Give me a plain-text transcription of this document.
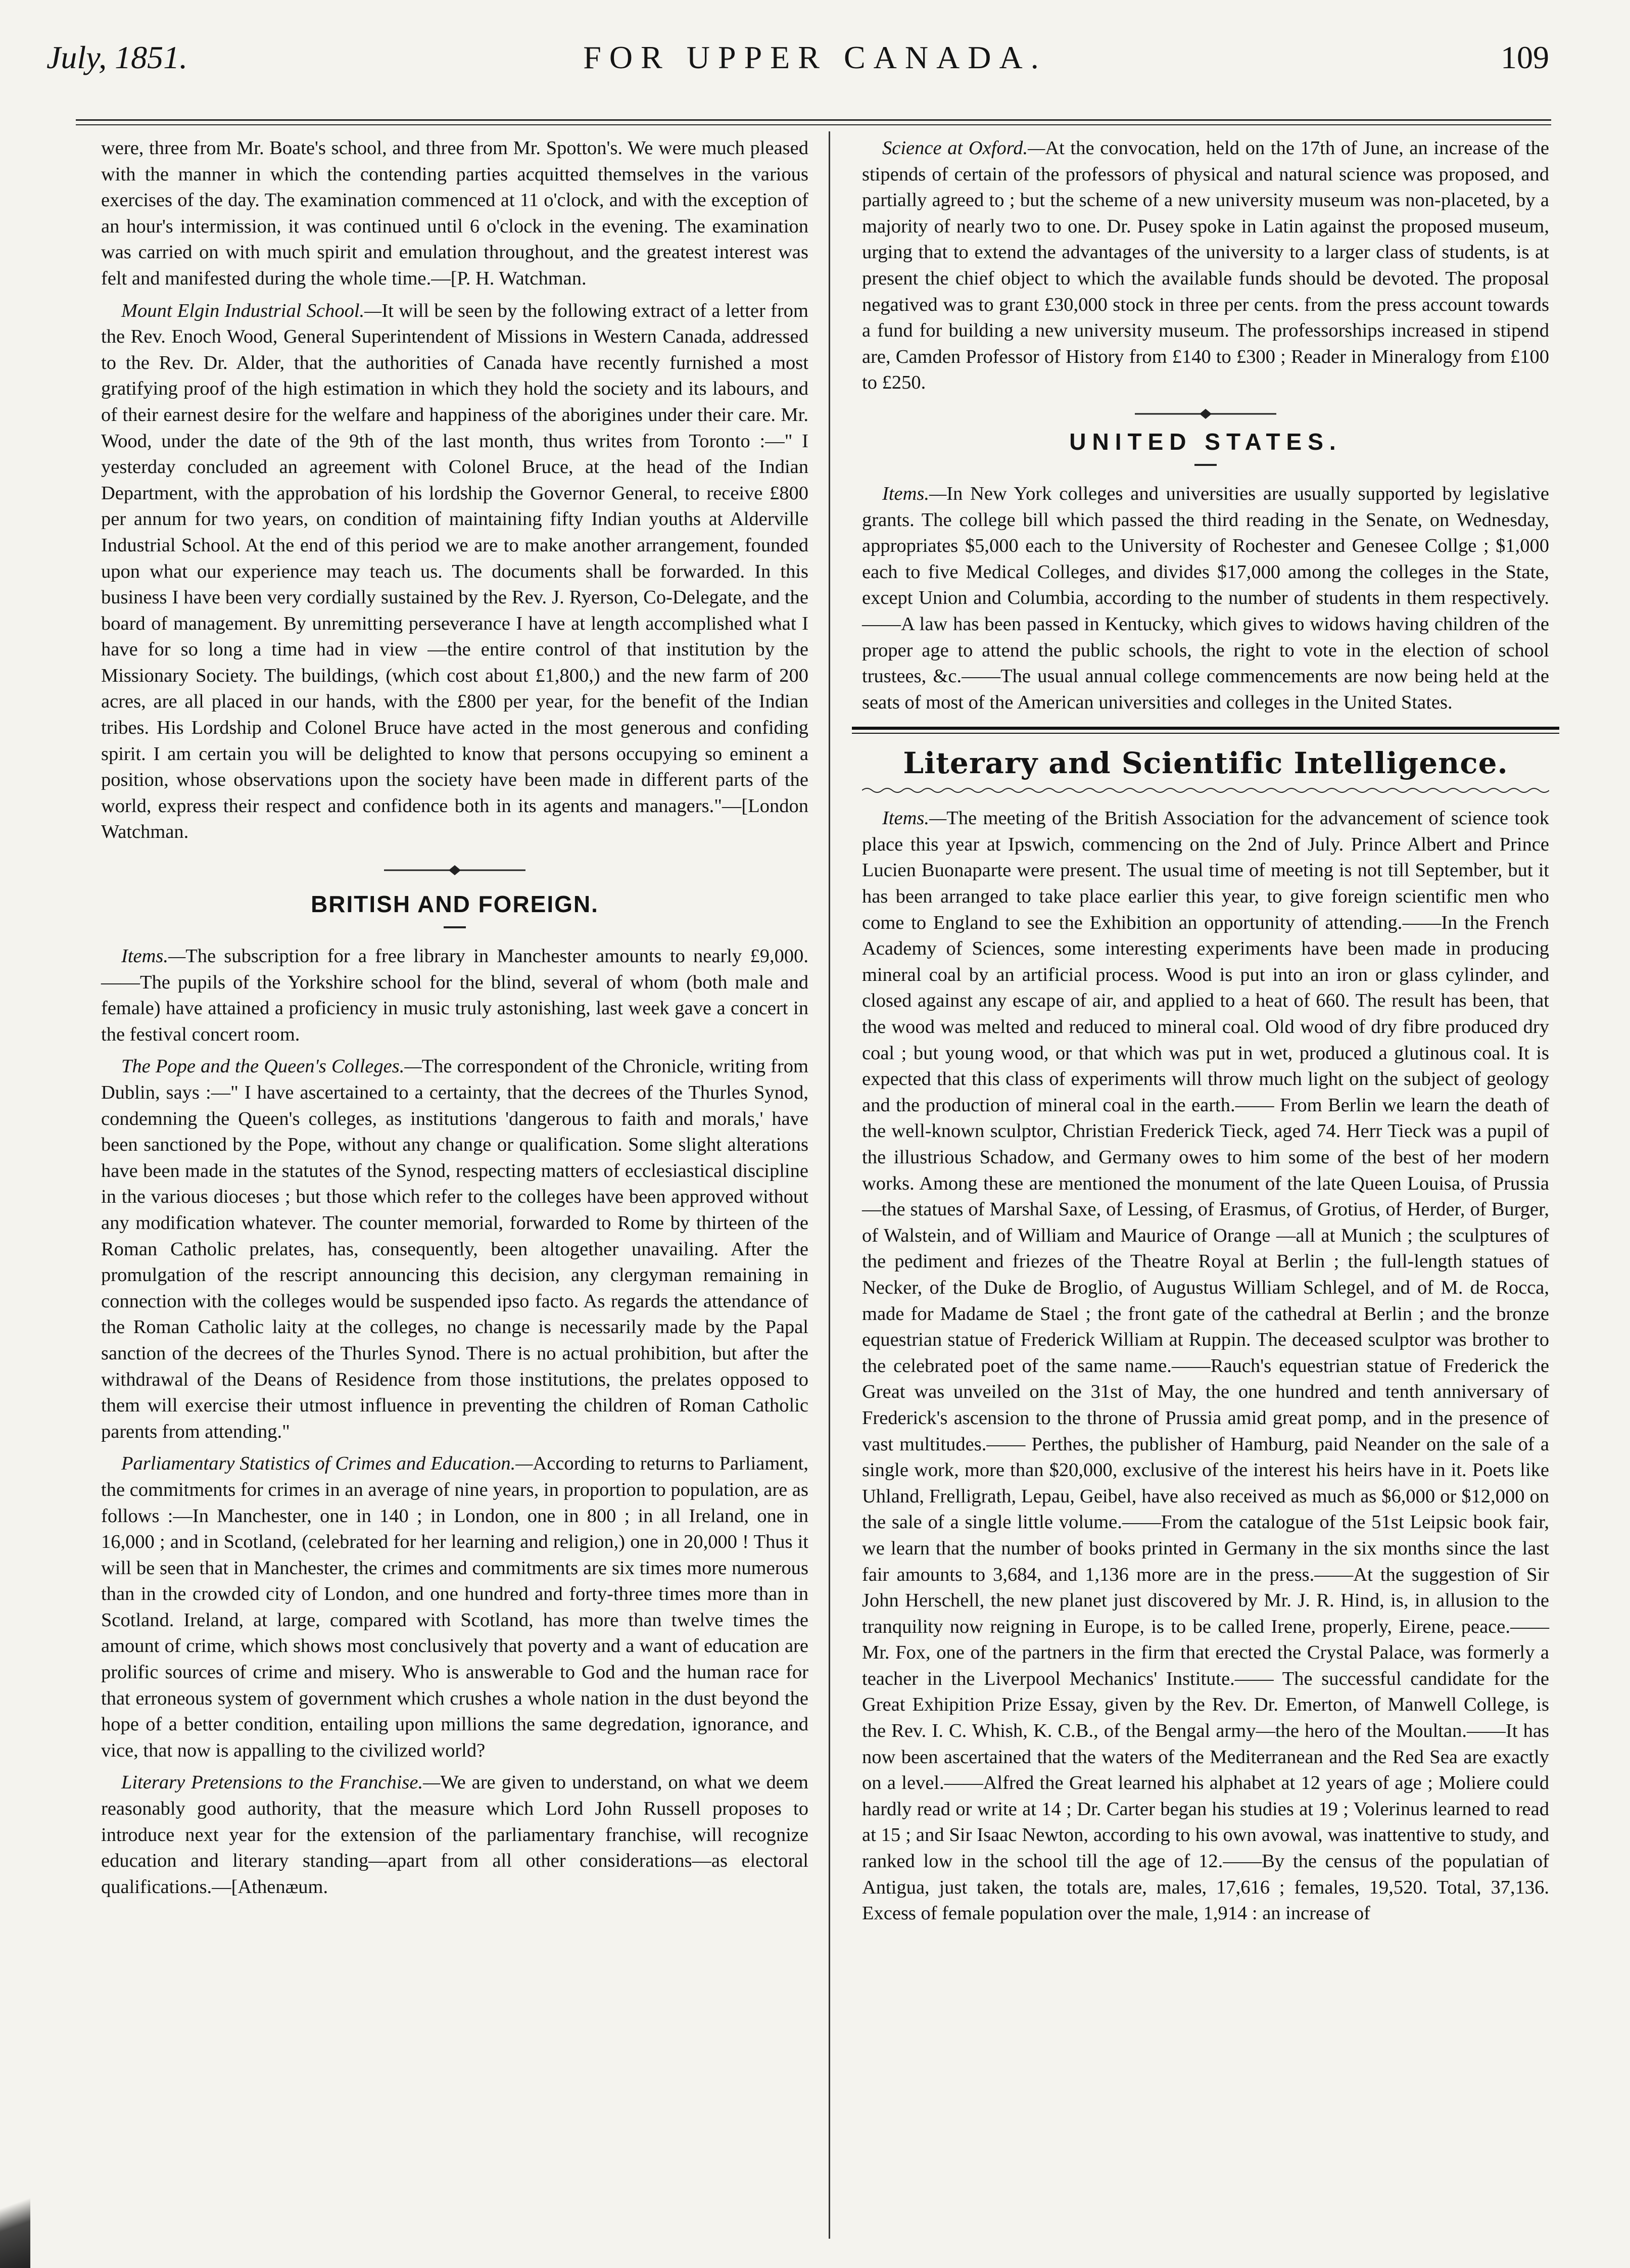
July, 1851.	FOR UPPER CANADA.	109

were, three from Mr. Boate's school, and three from Mr. Spotton's. We were much pleased with the manner in which the contending parties acquitted themselves in the various exercises of the day. The examination commenced at 11 o'clock, and with the exception of an hour's intermission, it was continued until 6 o'clock in the evening. The examination was carried on with much spirit and emulation throughout, and the greatest interest was felt and manifested during the whole time.—[P. H. Watchman.

Mount Elgin Industrial School.—It will be seen by the following extract of a letter from the Rev. Enoch Wood, General Superintendent of Missions in Western Canada, addressed to the Rev. Dr. Alder, that the authorities of Canada have recently furnished a most gratifying proof of the high estimation in which they hold the society and its labours, and of their earnest desire for the welfare and happiness of the aborigines under their care. Mr. Wood, under the date of the 9th of the last month, thus writes from Toronto :—" I yesterday concluded an agreement with Colonel Bruce, at the head of the Indian Department, with the approbation of his lordship the Governor General, to receive £800 per annum for two years, on condition of maintaining fifty Indian youths at Alderville Industrial School. At the end of this period we are to make another arrangement, founded upon what our experience may teach us. The documents shall be forwarded. In this business I have been very cordially sustained by the Rev. J. Ryerson, Co-Delegate, and the board of management. By unremitting perseverance I have at length accomplished what I have for so long a time had in view —the entire control of that institution by the Missionary Society. The buildings, (which cost about £1,800,) and the new farm of 200 acres, are all placed in our hands, with the £800 per year, for the benefit of the Indian tribes. His Lordship and Colonel Bruce have acted in the most generous and confiding spirit. I am certain you will be delighted to know that persons occupying so eminent a position, whose observations upon the society have been made in different parts of the world, express their respect and confidence both in its agents and managers."—[London Watchman.

BRITISH AND FOREIGN.

Items.—The subscription for a free library in Manchester amounts to nearly £9,000.——The pupils of the Yorkshire school for the blind, several of whom (both male and female) have attained a proficiency in music truly astonishing, last week gave a concert in the festival concert room.

The Pope and the Queen's Colleges.—The correspondent of the Chronicle, writing from Dublin, says :—" I have ascertained to a certainty, that the decrees of the Thurles Synod, condemning the Queen's colleges, as institutions 'dangerous to faith and morals,' have been sanctioned by the Pope, without any change or qualification. Some slight alterations have been made in the statutes of the Synod, respecting matters of ecclesiastical discipline in the various dioceses ; but those which refer to the colleges have been approved without any modification whatever. The counter memorial, forwarded to Rome by thirteen of the Roman Catholic prelates, has, consequently, been altogether unavailing. After the promulgation of the rescript announcing this decision, any clergyman remaining in connection with the colleges would be suspended ipso facto. As regards the attendance of the Roman Catholic laity at the colleges, no change is necessarily made by the Papal sanction of the decrees of the Thurles Synod. There is no actual prohibition, but after the withdrawal of the Deans of Residence from those institutions, the prelates opposed to them will exercise their utmost influence in preventing the children of Roman Catholic parents from attending."

Parliamentary Statistics of Crimes and Education.—According to returns to Parliament, the commitments for crimes in an average of nine years, in proportion to population, are as follows :—In Manchester, one in 140 ; in London, one in 800 ; in all Ireland, one in 16,000 ; and in Scotland, (celebrated for her learning and religion,) one in 20,000 ! Thus it will be seen that in Manchester, the crimes and commitments are six times more numerous than in the crowded city of London, and one hundred and forty-three times more than in Scotland. Ireland, at large, compared with Scotland, has more than twelve times the amount of crime, which shows most conclusively that poverty and a want of education are prolific sources of crime and misery. Who is answerable to God and the human race for that erroneous system of government which crushes a whole nation in the dust beyond the hope of a better condition, entailing upon millions the same degredation, ignorance, and vice, that now is appalling to the civilized world?

Literary Pretensions to the Franchise.—We are given to understand, on what we deem reasonably good authority, that the measure which Lord John Russell proposes to introduce next year for the extension of the parliamentary franchise, will recognize education and literary standing—apart from all other considerations—as electoral qualifications.—[Athenæum.

Science at Oxford.—At the convocation, held on the 17th of June, an increase of the stipends of certain of the professors of physical and natural science was proposed, and partially agreed to ; but the scheme of a new university museum was non-placeted, by a majority of nearly two to one. Dr. Pusey spoke in Latin against the proposed museum, urging that to extend the advantages of the university to a larger class of students, is at present the chief object to which the available funds should be devoted. The proposal negatived was to grant £30,000 stock in three per cents. from the press account towards a fund for building a new university museum. The professorships increased in stipend are, Camden Professor of History from £140 to £300 ; Reader in Mineralogy from £100 to £250.

UNITED STATES.

Items.—In New York colleges and universities are usually supported by legislative grants. The college bill which passed the third reading in the Senate, on Wednesday, appropriates $5,000 each to the University of Rochester and Genesee Collge ; $1,000 each to five Medical Colleges, and divides $17,000 among the colleges in the State, except Union and Columbia, according to the number of students in them respectively.——A law has been passed in Kentucky, which gives to widows having children of the proper age to attend the public schools, the right to vote in the election of school trustees, &c.——The usual annual college commencements are now being held at the seats of most of the American universities and colleges in the United States.

Literary and Scientific Intelligence.

Items.—The meeting of the British Association for the advancement of science took place this year at Ipswich, commencing on the 2nd of July. Prince Albert and Prince Lucien Buonaparte were present. The usual time of meeting is not till September, but it has been arranged to take place earlier this year, to give foreign scientific men who come to England to see the Exhibition an opportunity of attending.——In the French Academy of Sciences, some interesting experiments have been made in producing mineral coal by an artificial process. Wood is put into an iron or glass cylinder, and closed against any escape of air, and applied to a heat of 660. The result has been, that the wood was melted and reduced to mineral coal. Old wood of dry fibre produced dry coal ; but young wood, or that which was put in wet, produced a glutinous coal. It is expected that this class of experiments will throw much light on the subject of geology and the production of mineral coal in the earth.—— From Berlin we learn the death of the well-known sculptor, Christian Frederick Tieck, aged 74. Herr Tieck was a pupil of the illustrious Schadow, and Germany owes to him some of the best of her modern works. Among these are mentioned the monument of the late Queen Louisa, of Prussia—the statues of Marshal Saxe, of Lessing, of Erasmus, of Grotius, of Herder, of Burger, of Walstein, and of William and Maurice of Orange —all at Munich ; the sculptures of the pediment and friezes of the Theatre Royal at Berlin ; the full-length statues of Necker, of the Duke de Broglio, of Augustus William Schlegel, and of M. de Rocca, made for Madame de Stael ; the front gate of the cathedral at Berlin ; and the bronze equestrian statue of Frederick William at Ruppin. The deceased sculptor was brother to the celebrated poet of the same name.——Rauch's equestrian statue of Frederick the Great was unveiled on the 31st of May, the one hundred and tenth anniversary of Frederick's ascension to the throne of Prussia amid great pomp, and in the presence of vast multitudes.—— Perthes, the publisher of Hamburg, paid Neander on the sale of a single work, more than $20,000, exclusive of the interest his heirs have in it. Poets like Uhland, Frelligrath, Lepau, Geibel, have also received as much as $6,000 or $12,000 on the sale of a single little volume.——From the catalogue of the 51st Leipsic book fair, we learn that the number of books printed in Germany in the six months since the last fair amounts to 3,684, and 1,136 more are in the press.——At the suggestion of Sir John Herschell, the new planet just discovered by Mr. J. R. Hind, is, in allusion to the tranquility now reigning in Europe, is to be called Irene, properly, Eirene, peace.——Mr. Fox, one of the partners in the firm that erected the Crystal Palace, was formerly a teacher in the Liverpool Mechanics' Institute.—— The successful candidate for the Great Exhipition Prize Essay, given by the Rev. Dr. Emerton, of Manwell College, is the Rev. I. C. Whish, K. C.B., of the Bengal army—the hero of the Moultan.——It has now been ascertained that the waters of the Mediterranean and the Red Sea are exactly on a level.——Alfred the Great learned his alphabet at 12 years of age ; Moliere could hardly read or write at 14 ; Dr. Carter began his studies at 19 ; Volerinus learned to read at 15 ; and Sir Isaac Newton, according to his own avowal, was inattentive to study, and ranked low in the school till the age of 12.——By the census of the populatian of Antigua, just taken, the totals are, males, 17,616 ; females, 19,520. Total, 37,136. Excess of female population over the male, 1,914 : an increase of
